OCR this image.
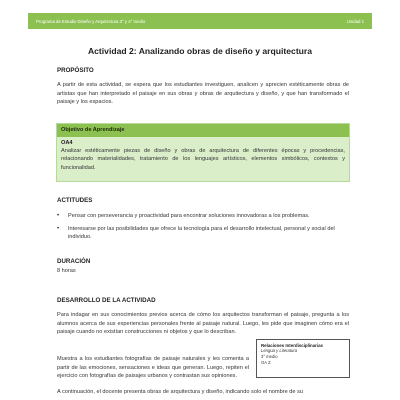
Programa de Estudio Diseño y Arquitectura 3° y 4° medio	Unidad 1
Actividad 2: Analizando obras de diseño y arquitectura
PROPÓSITO

A partir de esta actividad, se espera que los estudiantes investiguen, analicen y aprecien estéticamente obras de artistas que han interpretado el paisaje en sus obras y obras de arquitectura y diseño, y que han transformado el paisaje y los espacios.

Objetivo de Aprendizaje
OA4

Analizar estéticamente piezas de diseño y obras de arquitectura de diferentes épocas y procedencias, relacionando materialidades, tratamiento de los lenguajes artísticos, elementos simbólicos, contextos y funcionalidad.

ACTITUDES
• Pensar con perseverancia y proactividad para encontrar soluciones innovadoras a los problemas.
• Interesarse por las posibilidades que ofrece la tecnología para el desarrollo intelectual, personal y social del individuo.
DURACIÓN

8 horas

DESARROLLO DE LA ACTIVIDAD

Para indagar en sus conocimientos previos acerca de cómo los arquitectos transforman el paisaje, pregunta a los alumnos acerca de sus experiencias personales frente al paisaje natural. Luego, les pide que imaginen cómo era el paisaje cuando no existían construcciones ni objetos y que lo describan.

Muestra a los estudiantes fotografías de paisaje naturales y les comenta a partir de las emociones, sensaciones e ideas que generan. Luego, repiten el ejercicio con fotografías de paisajes urbanos y contrastan sus opiniones.

A continuación, el docente presenta obras de arquitectura y diseño, indicando solo el nombre de su

Relaciones Interdisciplinarias
Lengua y Literatura
3° medio
OA 2:
